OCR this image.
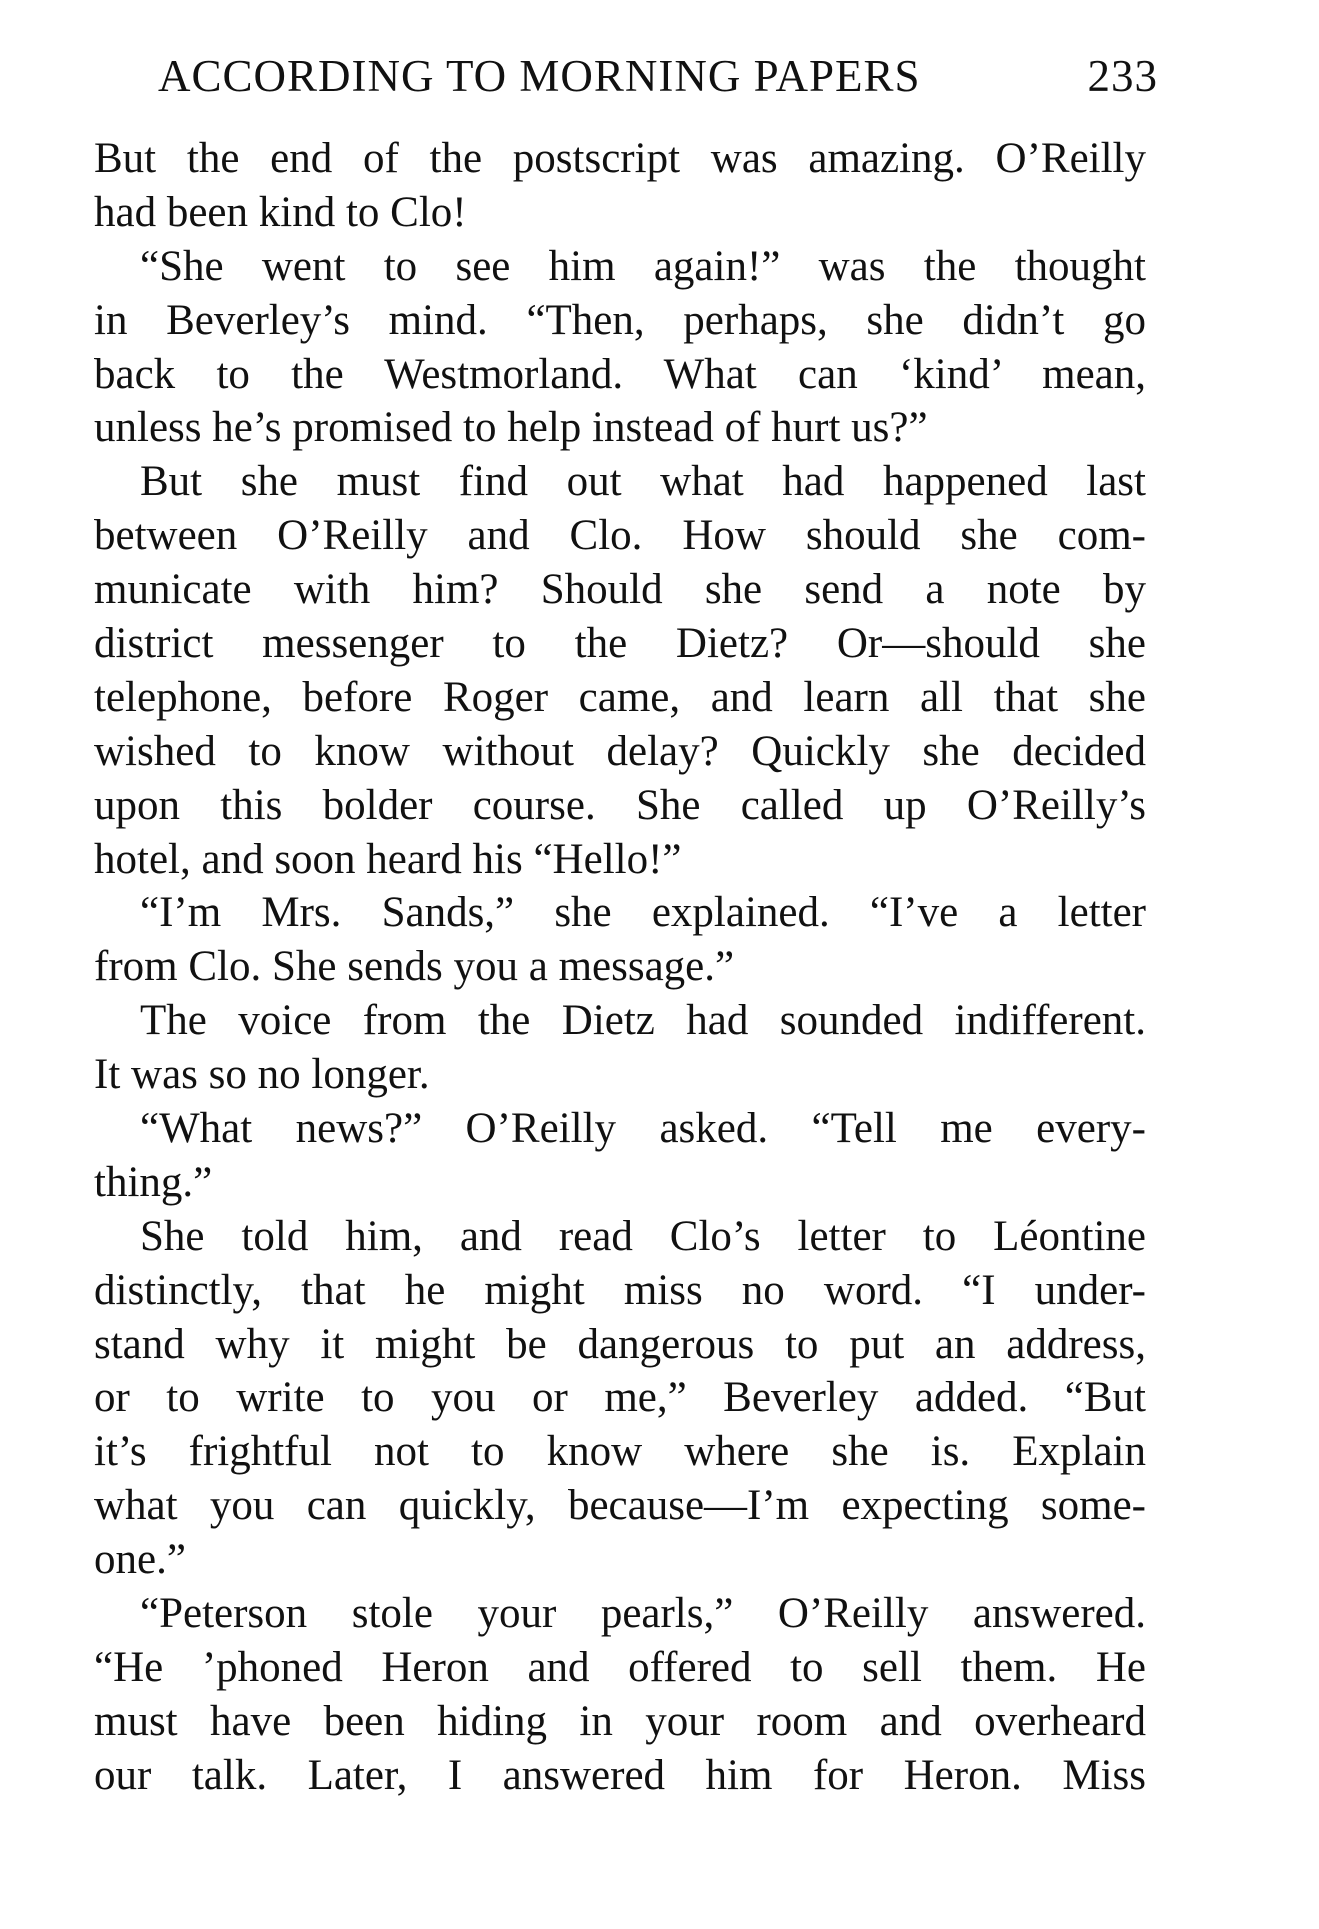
ACCORDING TO MORNING PAPERS	233
But the end of the postscript was amazing. O’Reilly
had been kind to Clo!
“She went to see him again!” was the thought
in Beverley’s mind. “Then, perhaps, she didn’t go
back to the Westmorland. What can ‘kind’ mean,
unless he’s promised to help instead of hurt us?”
But she must find out what had happened last
between O’Reilly and Clo. How should she com-
municate with him? Should she send a note by
district messenger to the Dietz? Or—should she
telephone, before Roger came, and learn all that she
wished to know without delay? Quickly she decided
upon this bolder course. She called up O’Reilly’s
hotel, and soon heard his “Hello!”
“I’m Mrs. Sands,” she explained. “I’ve a letter
from Clo. She sends you a message.”
The voice from the Dietz had sounded indifferent.
It was so no longer.
“What news?” O’Reilly asked. “Tell me every-
thing.”
She told him, and read Clo’s letter to Léontine
distinctly, that he might miss no word. “I under-
stand why it might be dangerous to put an address,
or to write to you or me,” Beverley added. “But
it’s frightful not to know where she is. Explain
what you can quickly, because—I’m expecting some-
one.”
“Peterson stole your pearls,” O’Reilly answered.
“He ’phoned Heron and offered to sell them. He
must have been hiding in your room and overheard
our talk. Later, I answered him for Heron. Miss
